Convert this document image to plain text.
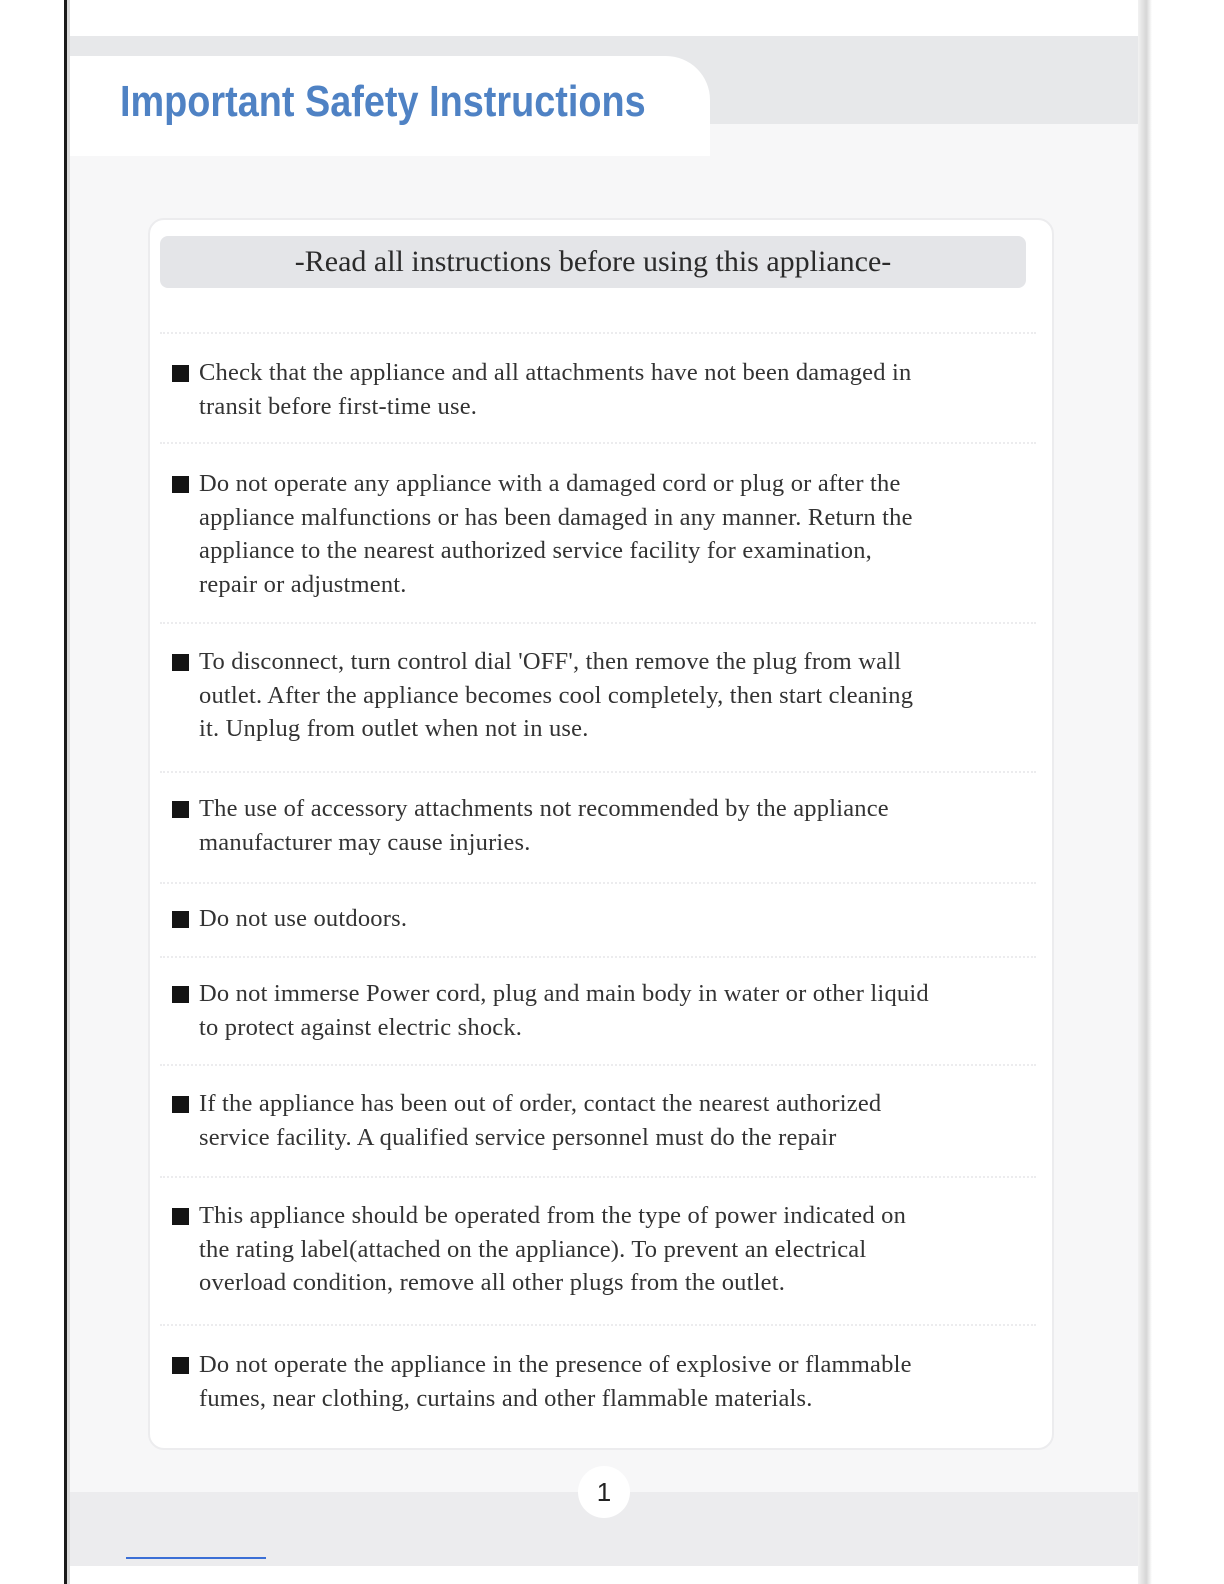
Important Safety Instructions
-Read all instructions before using this appliance-
Check that the appliance and all attachments have not been damaged in
transit before first-time use.
Do not operate any appliance with a damaged cord or plug or after the
appliance malfunctions or has been damaged in any manner. Return the
appliance to the nearest authorized service facility for examination,
repair or adjustment.
To disconnect, turn control dial 'OFF', then remove the plug from wall
outlet. After the appliance becomes cool completely, then start cleaning
it. Unplug from outlet when not in use.
The use of accessory attachments not recommended by the appliance
manufacturer may cause injuries.
Do not use outdoors.
Do not immerse Power cord, plug and main body in water or other liquid
to protect against electric shock.
If the appliance has been out of order, contact the nearest authorized
service facility. A qualified service personnel must do the repair
This appliance should be operated from the type of power indicated on
the rating label(attached on the appliance). To prevent an electrical
overload condition, remove all other plugs from the outlet.
Do not operate the appliance in the presence of explosive or flammable
fumes, near clothing, curtains and other flammable materials.
1
